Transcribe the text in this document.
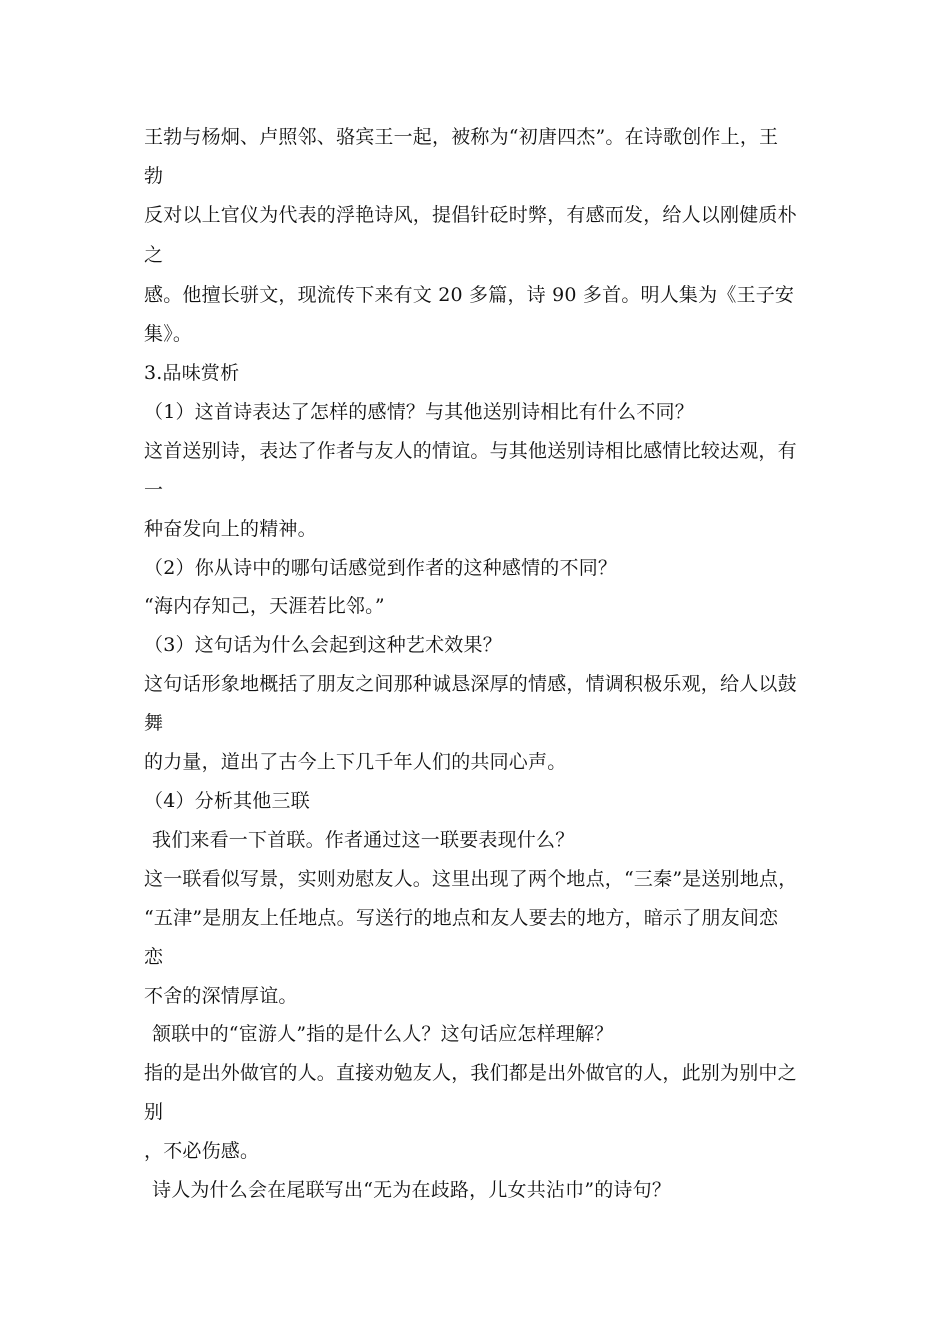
王勃与杨炯、卢照邻、骆宾王一起，被称为“初唐四杰”。在诗歌创作上，王
勃
反对以上官仪为代表的浮艳诗风，提倡针砭时弊，有感而发，给人以刚健质朴
之
感。他擅长骈文，现流传下来有文 20 多篇，诗 90 多首。明人集为《王子安
集》。
3.品味赏析
（1）这首诗表达了怎样的感情？与其他送别诗相比有什么不同？
这首送别诗，表达了作者与友人的情谊。与其他送别诗相比感情比较达观，有
一
种奋发向上的精神。
（2）你从诗中的哪句话感觉到作者的这种感情的不同？
“海内存知己，天涯若比邻。”
（3）这句话为什么会起到这种艺术效果？
这句话形象地概括了朋友之间那种诚恳深厚的情感，情调积极乐观，给人以鼓
舞
的力量，道出了古今上下几千年人们的共同心声。
（4）分析其他三联
我们来看一下首联。作者通过这一联要表现什么？
这一联看似写景，实则劝慰友人。这里出现了两个地点，“三秦”是送别地点，
“五津”是朋友上任地点。写送行的地点和友人要去的地方，暗示了朋友间恋
恋
不舍的深情厚谊。
颔联中的“宦游人”指的是什么人？这句话应怎样理解？
指的是出外做官的人。直接劝勉友人，我们都是出外做官的人，此别为别中之
别
，不必伤感。
诗人为什么会在尾联写出“无为在歧路，儿女共沾巾”的诗句？
